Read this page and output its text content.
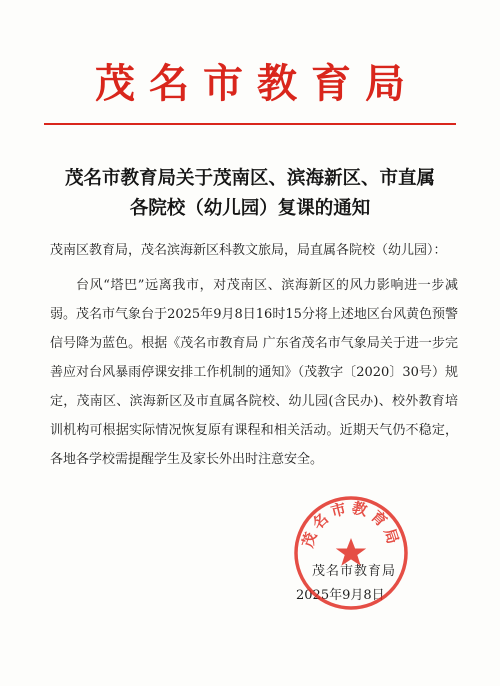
茂名市教育局
茂名市教育局关于茂南区、滨海新区、市直属
各院校（幼儿园）复课的通知

茂南区教育局，茂名滨海新区科教文旅局，局直属各院校（幼儿园）：

台风“塔巴”远离我市，对茂南区、滨海新区的风力影响进一步减弱。茂名市气象台于2025年9月8日16时15分将上述地区台风黄色预警信号降为蓝色。根据《茂名市教育局 广东省茂名市气象局关于进一步完善应对台风暴雨停课安排工作机制的通知》（茂教字〔2020〕30号）规定，茂南区、滨海新区及市直属各院校、幼儿园(含民办)、校外教育培训机构可根据实际情况恢复原有课程和相关活动。近期天气仍不稳定，各地各学校需提醒学生及家长外出时注意安全。

茂名市教育局
2025年9月8日
茂名市教育局
